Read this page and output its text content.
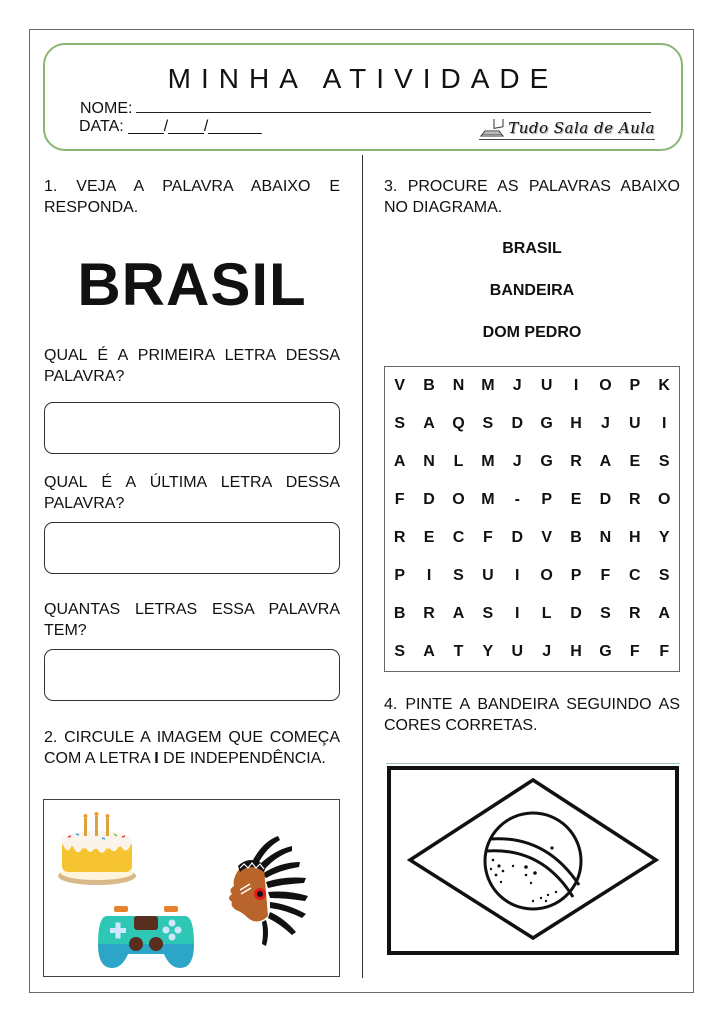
MINHA ATIVIDADE
NOME:
DATA: ____/____/______	Tudo Sala de Aula
1. VEJA A PALAVRA ABAIXO E RESPONDA.
BRASIL
QUAL É A PRIMEIRA LETRA DESSA PALAVRA?
QUAL É A ÚLTIMA LETRA DESSA PALAVRA?
QUANTAS LETRAS ESSA PALAVRA TEM?
2. CIRCULE A IMAGEM QUE COMEÇA COM A LETRA I DE INDEPENDÊNCIA.
3. PROCURE AS PALAVRAS ABAIXO NO DIAGRAMA.
BRASIL
BANDEIRA
DOM PEDRO
V	B	N	M	J	U	I	O	P	K
S	A	Q	S	D	G	H	J	U	I
A	N	L	M	J	G	R	A	E	S
F	D	O	M	-	P	E	D	R	O
R	E	C	F	D	V	B	N	H	Y
P	I	S	U	I	O	P	F	C	S
B	R	A	S	I	L	D	S	R	A
S	A	T	Y	U	J	H	G	F	F
4. PINTE A BANDEIRA SEGUINDO AS CORES CORRETAS.
